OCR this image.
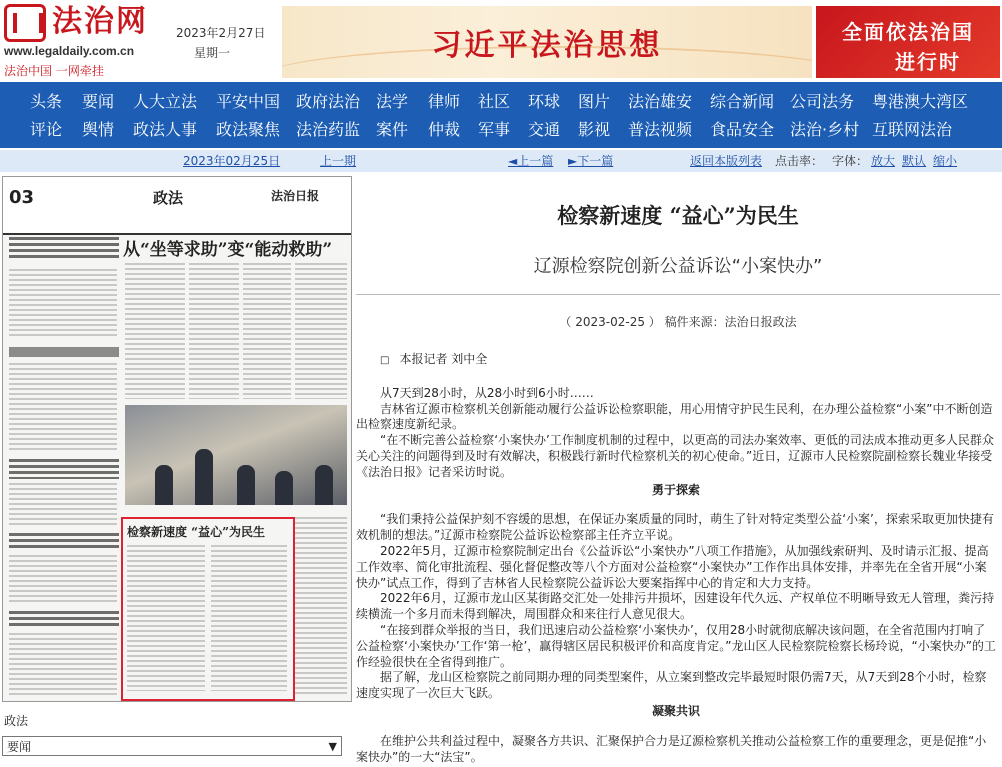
法治网
www.legaldaily.com.cn
法治中国 一网牵挂
2023年2月27日
星期一	习近平法治思想	全面依法治国
进行时
头条 要闻 人大立法 平安中国 政府法治 法学 律师 社区 环球 图片 法治雄安 综合新闻 公司法务 粤港澳大湾区
评论 舆情 政法人事 政法聚焦 法治药监 案件 仲裁 军事 交通 影视 普法视频 食品安全 法治·乡村 互联网法治
2023年02月25日	上一期	◄上一篇 ►下一篇	返回本版列表 点击率： 字体： 放大 默认 缩小
03	政法	法治日报
从“坐等求助”变“能动救助”
检察新速度 “益心”为民生
政法
要闻	▼
检察新速度 “益心”为民生
辽源检察院创新公益诉讼“小案快办”
（ 2023-02-25 ） 稿件来源：法治日报政法

□ 本报记者 刘中全

从7天到28小时，从28小时到6小时……

吉林省辽源市检察机关创新能动履行公益诉讼检察职能，用心用情守护民生民利，在办理公益检察“小案”中不断创造出检察速度新纪录。

“在不断完善公益检察‘小案快办’工作制度机制的过程中，以更高的司法办案效率、更低的司法成本推动更多人民群众关心关注的问题得到及时有效解决，积极践行新时代检察机关的初心使命。”近日，辽源市人民检察院副检察长魏业华接受《法治日报》记者采访时说。

勇于探索

“我们秉持公益保护刻不容缓的思想，在保证办案质量的同时，萌生了针对特定类型公益‘小案’，探索采取更加快捷有效机制的想法。”辽源市检察院公益诉讼检察部主任齐立平说。

2022年5月，辽源市检察院制定出台《公益诉讼“小案快办”八项工作措施》，从加强线索研判、及时请示汇报、提高工作效率、简化审批流程、强化督促整改等八个方面对公益检察“小案快办”工作作出具体安排，并率先在全省开展“小案快办”试点工作，得到了吉林省人民检察院公益诉讼大要案指挥中心的肯定和大力支持。

2022年6月，辽源市龙山区某街路交汇处一处排污井损坏，因建设年代久远、产权单位不明晰导致无人管理，粪污持续横流一个多月而未得到解决，周围群众和来往行人意见很大。

“在接到群众举报的当日，我们迅速启动公益检察‘小案快办’，仅用28小时就彻底解决该问题，在全省范围内打响了公益检察‘小案快办’工作‘第一枪’，赢得辖区居民积极评价和高度肯定。”龙山区人民检察院检察长杨玲说，“小案快办”的工作经验很快在全省得到推广。

据了解，龙山区检察院之前同期办理的同类型案件，从立案到整改完毕最短时限仍需7天，从7天到28个小时，检察速度实现了一次巨大飞跃。

凝聚共识

在维护公共利益过程中，凝聚各方共识、汇聚保护合力是辽源检察机关推动公益检察工作的重要理念，更是促推“小案快办”的一大“法宝”。
